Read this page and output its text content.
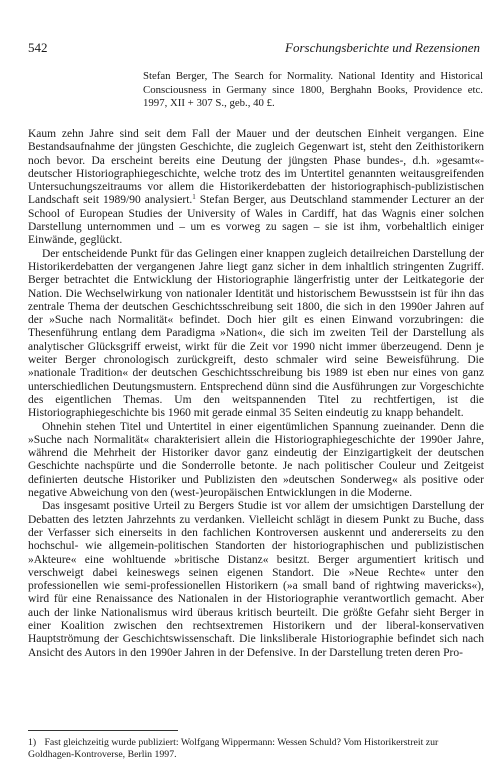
542	Forschungsberichte und Rezensionen
Stefan Berger, The Search for Normality. National Identity and Historical Consciousness in Germany since 1800, Berghahn Books, Providence etc. 1997, XII + 307 S., geb., 40 £.

Kaum zehn Jahre sind seit dem Fall der Mauer und der deutschen Einheit vergangen. Eine Bestandsaufnahme der jüngsten Geschichte, die zugleich Gegenwart ist, steht den Zeithistorikern noch bevor. Da erscheint bereits eine Deutung der jüngsten Phase bundes-, d.h. »gesamt«-deutscher Historiographiegeschichte, welche trotz des im Untertitel genannten weitausgreifenden Untersuchungszeitraums vor allem die Historikerdebatten der historiographisch-publizistischen Landschaft seit 1989/90 analysiert.$^1$ Stefan Berger, aus Deutschland stammender Lecturer an der School of European Studies der University of Wales in Cardiff, hat das Wagnis einer solchen Darstellung unternommen und – um es vorweg zu sagen – sie ist ihm, vorbehaltlich einiger Einwände, geglückt.

Der entscheidende Punkt für das Gelingen einer knappen zugleich detailreichen Darstellung der Historikerdebatten der vergangenen Jahre liegt ganz sicher in dem inhaltlich stringenten Zugriff. Berger betrachtet die Entwicklung der Historiographie längerfristig unter der Leitkategorie der Nation. Die Wechselwirkung von nationaler Identität und historischem Bewusstsein ist für ihn das zentrale Thema der deutschen Geschichtsschreibung seit 1800, die sich in den 1990er Jahren auf der »Suche nach Normalität« befindet. Doch hier gilt es einen Einwand vorzubringen: die Thesenführung entlang dem Paradigma »Nation«, die sich im zweiten Teil der Darstellung als analytischer Glücksgriff erweist, wirkt für die Zeit vor 1990 nicht immer überzeugend. Denn je weiter Berger chronologisch zurückgreift, desto schmaler wird seine Beweisführung. Die »nationale Tradition« der deutschen Geschichtsschreibung bis 1989 ist eben nur eines von ganz unterschiedlichen Deutungsmustern. Entsprechend dünn sind die Ausführungen zur Vorgeschichte des eigentlichen Themas. Um den weitspannenden Titel zu rechtfertigen, ist die Historiographiegeschichte bis 1960 mit gerade einmal 35 Seiten eindeutig zu knapp behandelt.

Ohnehin stehen Titel und Untertitel in einer eigentümlichen Spannung zueinander. Denn die »Suche nach Normalität« charakterisiert allein die Historiographiegeschichte der 1990er Jahre, während die Mehrheit der Historiker davor ganz eindeutig der Einzigartigkeit der deutschen Geschichte nachspürte und die Sonderrolle betonte. Je nach politischer Couleur und Zeitgeist definierten deutsche Historiker und Publizisten den »deutschen Sonderweg« als positive oder negative Abweichung von den (west-)europäischen Entwicklungen in die Moderne.

Das insgesamt positive Urteil zu Bergers Studie ist vor allem der umsichtigen Darstellung der Debatten des letzten Jahrzehnts zu verdanken. Vielleicht schlägt in diesem Punkt zu Buche, dass der Verfasser sich einerseits in den fachlichen Kontroversen auskennt und andererseits zu den hochschul- wie allgemein-politischen Standorten der historiographischen und publizistischen »Akteure« eine wohltuende »britische Distanz« besitzt. Berger argumentiert kritisch und verschweigt dabei keineswegs seinen eigenen Standort. Die »Neue Rechte« unter den professionellen wie semi-professionellen Historikern (»a small band of rightwing mavericks«), wird für eine Renaissance des Nationalen in der Historiographie verantwortlich gemacht. Aber auch der linke Nationalismus wird überaus kritisch beurteilt. Die größte Gefahr sieht Berger in einer Koalition zwischen den rechtsextremen Historikern und der liberal-konservativen Hauptströmung der Geschichtswissenschaft. Die linksliberale Historiographie befindet sich nach Ansicht des Autors in den 1990er Jahren in der Defensive. In der Darstellung treten deren Pro-

1) Fast gleichzeitig wurde publiziert: Wolfgang Wippermann: Wessen Schuld? Vom Historikerstreit zur Goldhagen-Kontroverse, Berlin 1997.
